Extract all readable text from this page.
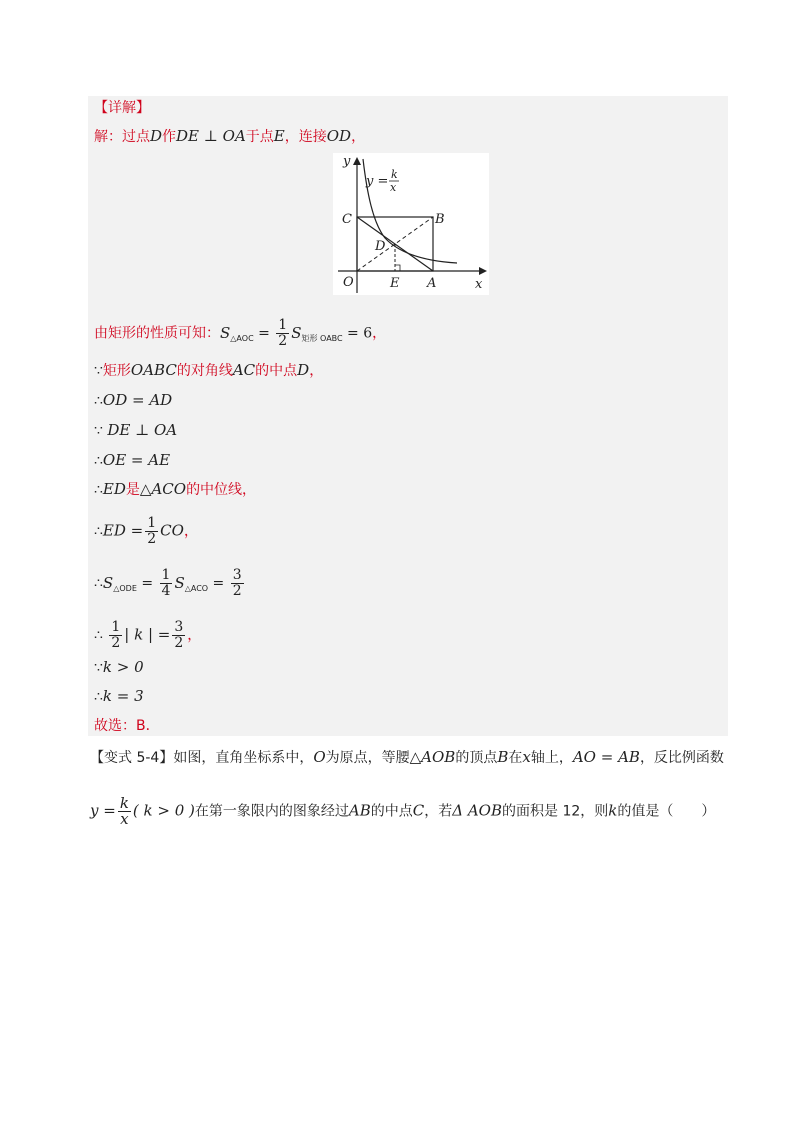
【详解】
解：过点D作DE ⊥ OA于点E，连接OD，
y
x
O
C	B
D
E A
y = k
x
由矩形的性质可知：$S_{\triangle AOC} = \frac{1}{2} S_{矩形 OABC} = 6$，
∵矩形OABC的对角线AC的中点D，
∴OD = AD
∵ DE ⊥ OA
∴OE = AE
∴ED是△ACO的中位线，
∴ED = $\frac{1}{2}$ CO，
$\therefore S_{\triangle ODE} = \frac{1}{4} S_{\triangle ACO} = \frac{3}{2}$
∴ $\frac{1}{2}$ | k | = $\frac{3}{2}$ ，
∵k > 0
∴k = 3
故选：B．
【变式 5-4】如图，直角坐标系中，O为原点，等腰△AOB的顶点B在x轴上，AO = AB，反比例函数
$y = \frac{k}{x}$ ( k > 0 )在第一象限内的图象经过AB的中点C，若Δ AOB的面积是 12，则k的值是（　　）
